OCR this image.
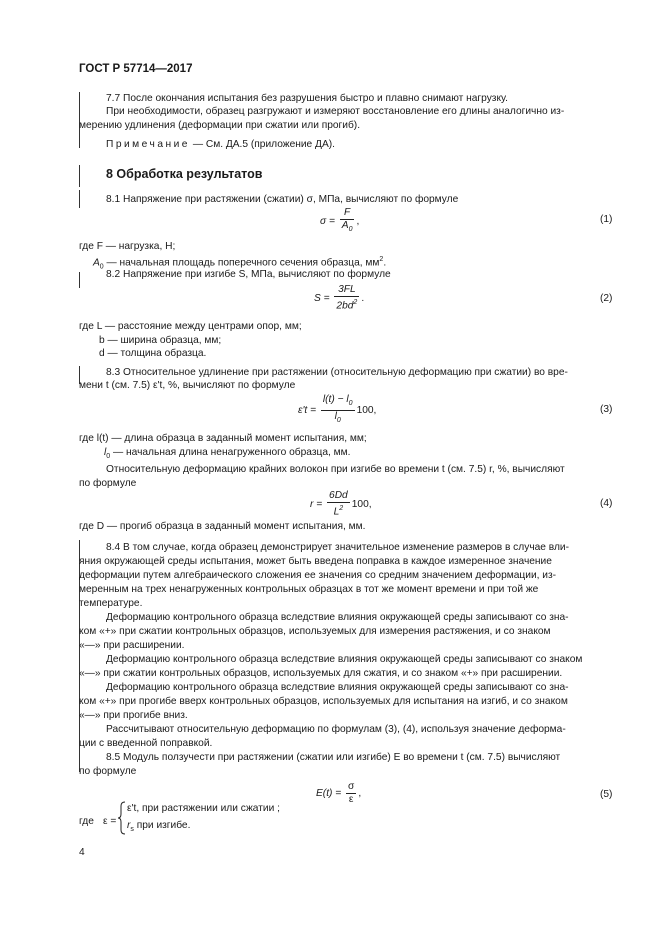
ГОСТ Р 57714—2017
7.7 После окончания испытания без разрушения быстро и плавно снимают нагрузку.
При необходимости, образец разгружают и измеряют восстановление его длины аналогично из-
мерению удлинения (деформации при сжатии или прогиб).
Примечание — См. ДА.5 (приложение ДА).
8 Обработка результатов
8.1 Напряжение при растяжении (сжатии) σ, МПа, вычисляют по формуле
$\sigma = \frac{F}{A_0}$ ,	(1)
где F — нагрузка, Н;
$A_0$ — начальная площадь поперечного сечения образца, $мм^2$.
8.2 Напряжение при изгибе S, МПа, вычисляют по формуле
$S = \frac{3FL}{2bd^2}$ .	(2)
где L — расстояние между центрами опор, мм;
b — ширина образца, мм;
d — толщина образца.
8.3 Относительное удлинение при растяжении (относительную деформацию при сжатии) во вре-
мени t (см. 7.5) ε't, %, вычисляют по формуле
$\varepsilon't = \frac{l(t) - l_0}{l_0} 100$,	(3)
где l(t) — длина образца в заданный момент испытания, мм;
$l_0$ — начальная длина ненагруженного образца, мм.
Относительную деформацию крайних волокон при изгибе во времени t (см. 7.5) r, %, вычисляют
по формуле
$r = \frac{6Dd}{L^2} 100$,	(4)
где D — прогиб образца в заданный момент испытания, мм.
8.4 В том случае, когда образец демонстрирует значительное изменение размеров в случае вли-
яния окружающей среды испытания, может быть введена поправка в каждое измеренное значение
деформации путем алгебраического сложения ее значения со средним значением деформации, из-
меренным на трех ненагруженных контрольных образцах в тот же момент времени и при той же
температуре.
Деформацию контрольного образца вследствие влияния окружающей среды записывают со зна-
ком «+» при сжатии контрольных образцов, используемых для измерения растяжения, и со знаком
«—» при расширении.
Деформацию контрольного образца вследствие влияния окружающей среды записывают со знаком
«—» при сжатии контрольных образцов, используемых для сжатия, и со знаком «+» при расширении.
Деформацию контрольного образца вследствие влияния окружающей среды записывают со зна-
ком «+» при прогибе вверх контрольных образцов, используемых для испытания на изгиб, и со знаком
«—» при прогибе вниз.
Рассчитывают относительную деформацию по формулам (3), (4), используя значение деформа-
ции с введенной поправкой.
8.5 Модуль ползучести при растяжении (сжатии или изгибе) E во времени t (см. 7.5) вычисляют
по формуле
$E(t) = \frac{\sigma}{\varepsilon}$ ,	(5)
где ε =
ε't, при растяжении или сжатии ;
$r_s$ при изгибе.
4
